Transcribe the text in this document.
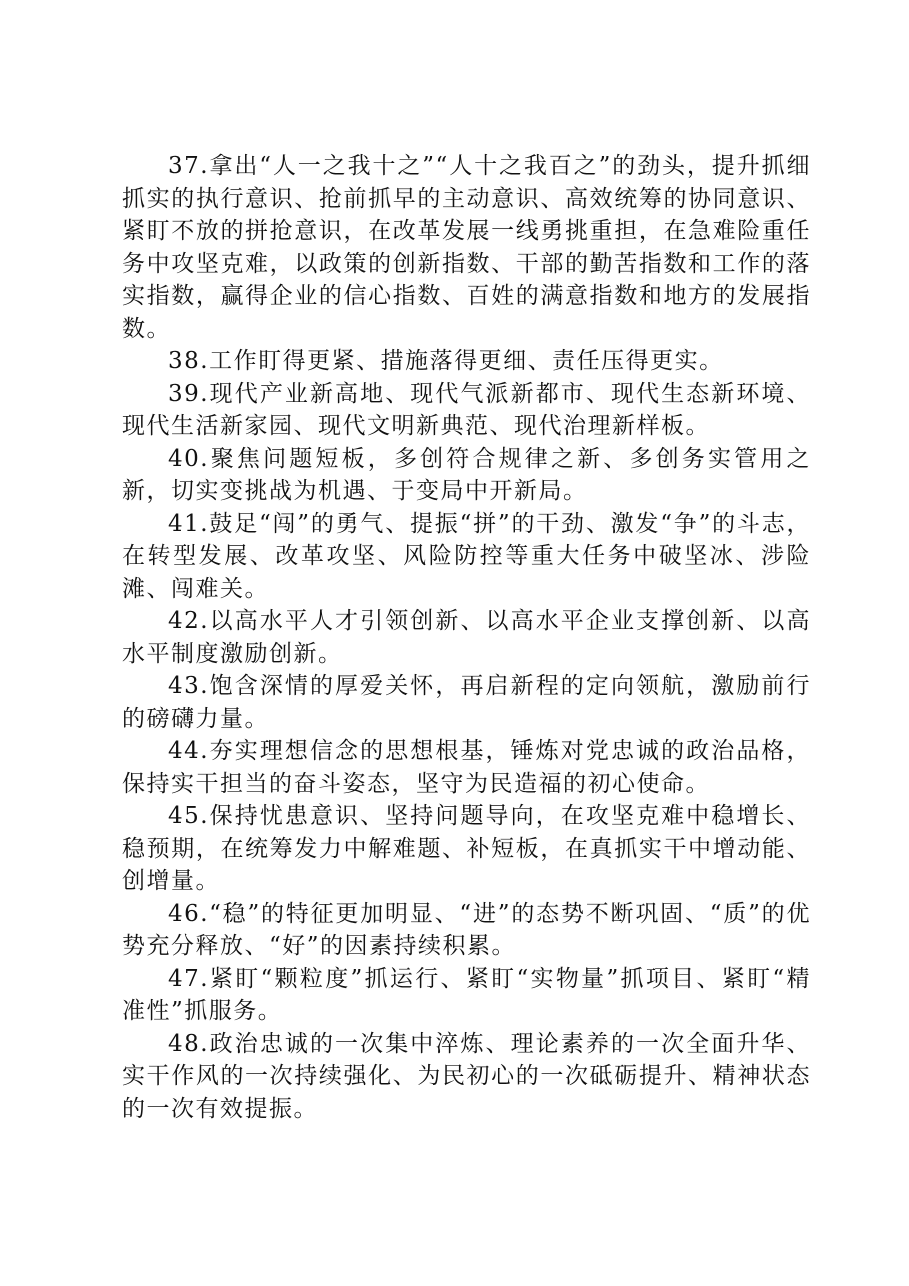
37.拿出“人一之我十之”“人十之我百之”的劲头，提升抓细抓实的执行意识、抢前抓早的主动意识、高效统筹的协同意识、紧盯不放的拼抢意识，在改革发展一线勇挑重担，在急难险重任务中攻坚克难，以政策的创新指数、干部的勤苦指数和工作的落实指数，赢得企业的信心指数、百姓的满意指数和地方的发展指数。

38.工作盯得更紧、措施落得更细、责任压得更实。

39.现代产业新高地、现代气派新都市、现代生态新环境、现代生活新家园、现代文明新典范、现代治理新样板。

40.聚焦问题短板，多创符合规律之新、多创务实管用之新，切实变挑战为机遇、于变局中开新局。

41.鼓足“闯”的勇气、提振“拼”的干劲、激发“争”的斗志，在转型发展、改革攻坚、风险防控等重大任务中破坚冰、涉险滩、闯难关。

42.以高水平人才引领创新、以高水平企业支撑创新、以高水平制度激励创新。

43.饱含深情的厚爱关怀，再启新程的定向领航，激励前行的磅礴力量。

44.夯实理想信念的思想根基，锤炼对党忠诚的政治品格，保持实干担当的奋斗姿态，坚守为民造福的初心使命。

45.保持忧患意识、坚持问题导向，在攻坚克难中稳增长、稳预期，在统筹发力中解难题、补短板，在真抓实干中增动能、创增量。

46.“稳”的特征更加明显、“进”的态势不断巩固、“质”的优势充分释放、“好”的因素持续积累。

47.紧盯“颗粒度”抓运行、紧盯“实物量”抓项目、紧盯“精准性”抓服务。

48.政治忠诚的一次集中淬炼、理论素养的一次全面升华、实干作风的一次持续强化、为民初心的一次砥砺提升、精神状态的一次有效提振。
